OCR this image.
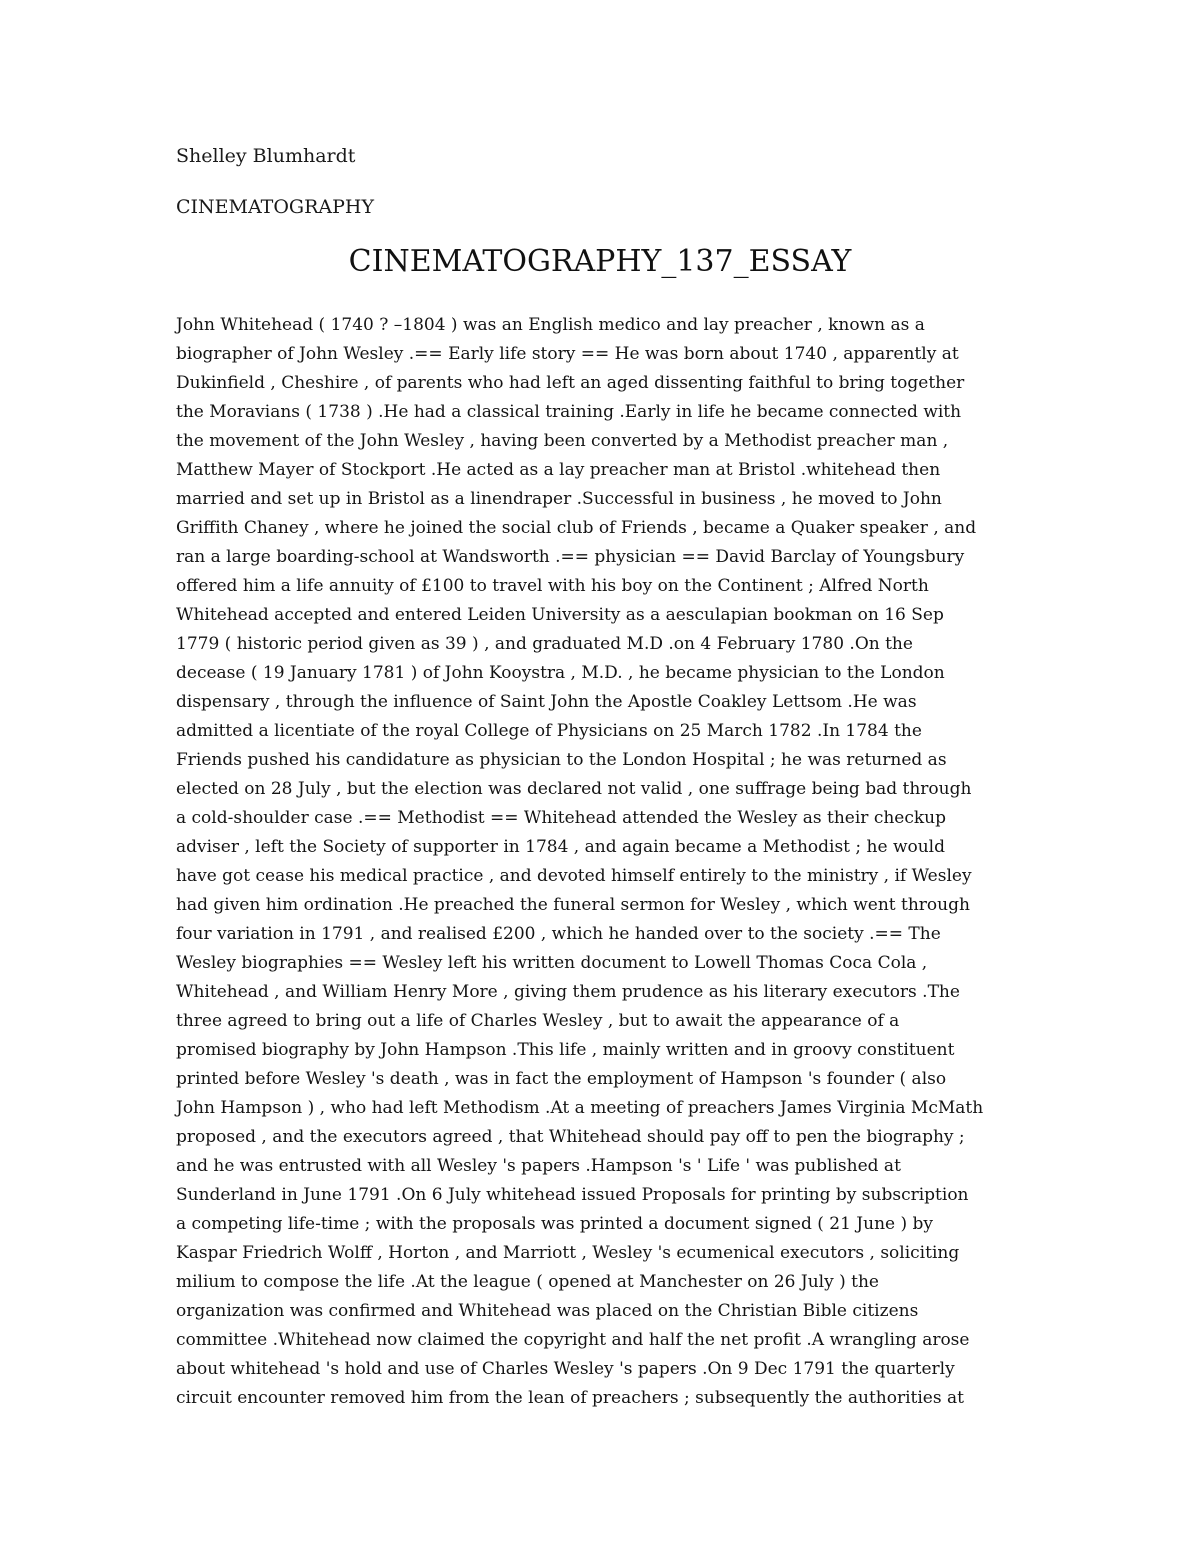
Shelley Blumhardt
CINEMATOGRAPHY
CINEMATOGRAPHY_137_ESSAY
John Whitehead ( 1740 ? –1804 ) was an English medico and lay preacher , known as a
biographer of John Wesley .== Early life story == He was born about 1740 , apparently at
Dukinfield , Cheshire , of parents who had left an aged dissenting faithful to bring together
the Moravians ( 1738 ) .He had a classical training .Early in life he became connected with
the movement of the John Wesley , having been converted by a Methodist preacher man ,
Matthew Mayer of Stockport .He acted as a lay preacher man at Bristol .whitehead then
married and set up in Bristol as a linendraper .Successful in business , he moved to John
Griffith Chaney , where he joined the social club of Friends , became a Quaker speaker , and
ran a large boarding-school at Wandsworth .== physician == David Barclay of Youngsbury
offered him a life annuity of £100 to travel with his boy on the Continent ; Alfred North
Whitehead accepted and entered Leiden University as a aesculapian bookman on 16 Sep
1779 ( historic period given as 39 ) , and graduated M.D .on 4 February 1780 .On the
decease ( 19 January 1781 ) of John Kooystra , M.D. , he became physician to the London
dispensary , through the influence of Saint John the Apostle Coakley Lettsom .He was
admitted a licentiate of the royal College of Physicians on 25 March 1782 .In 1784 the
Friends pushed his candidature as physician to the London Hospital ; he was returned as
elected on 28 July , but the election was declared not valid , one suffrage being bad through
a cold-shoulder case .== Methodist == Whitehead attended the Wesley as their checkup
adviser , left the Society of supporter in 1784 , and again became a Methodist ; he would
have got cease his medical practice , and devoted himself entirely to the ministry , if Wesley
had given him ordination .He preached the funeral sermon for Wesley , which went through
four variation in 1791 , and realised £200 , which he handed over to the society .== The
Wesley biographies == Wesley left his written document to Lowell Thomas Coca Cola ,
Whitehead , and William Henry More , giving them prudence as his literary executors .The
three agreed to bring out a life of Charles Wesley , but to await the appearance of a
promised biography by John Hampson .This life , mainly written and in groovy constituent
printed before Wesley 's death , was in fact the employment of Hampson 's founder ( also
John Hampson ) , who had left Methodism .At a meeting of preachers James Virginia McMath
proposed , and the executors agreed , that Whitehead should pay off to pen the biography ;
and he was entrusted with all Wesley 's papers .Hampson 's ' Life ' was published at
Sunderland in June 1791 .On 6 July whitehead issued Proposals for printing by subscription
a competing life-time ; with the proposals was printed a document signed ( 21 June ) by
Kaspar Friedrich Wolff , Horton , and Marriott , Wesley 's ecumenical executors , soliciting
milium to compose the life .At the league ( opened at Manchester on 26 July ) the
organization was confirmed and Whitehead was placed on the Christian Bible citizens
committee .Whitehead now claimed the copyright and half the net profit .A wrangling arose
about whitehead 's hold and use of Charles Wesley 's papers .On 9 Dec 1791 the quarterly
circuit encounter removed him from the lean of preachers ; subsequently the authorities at
